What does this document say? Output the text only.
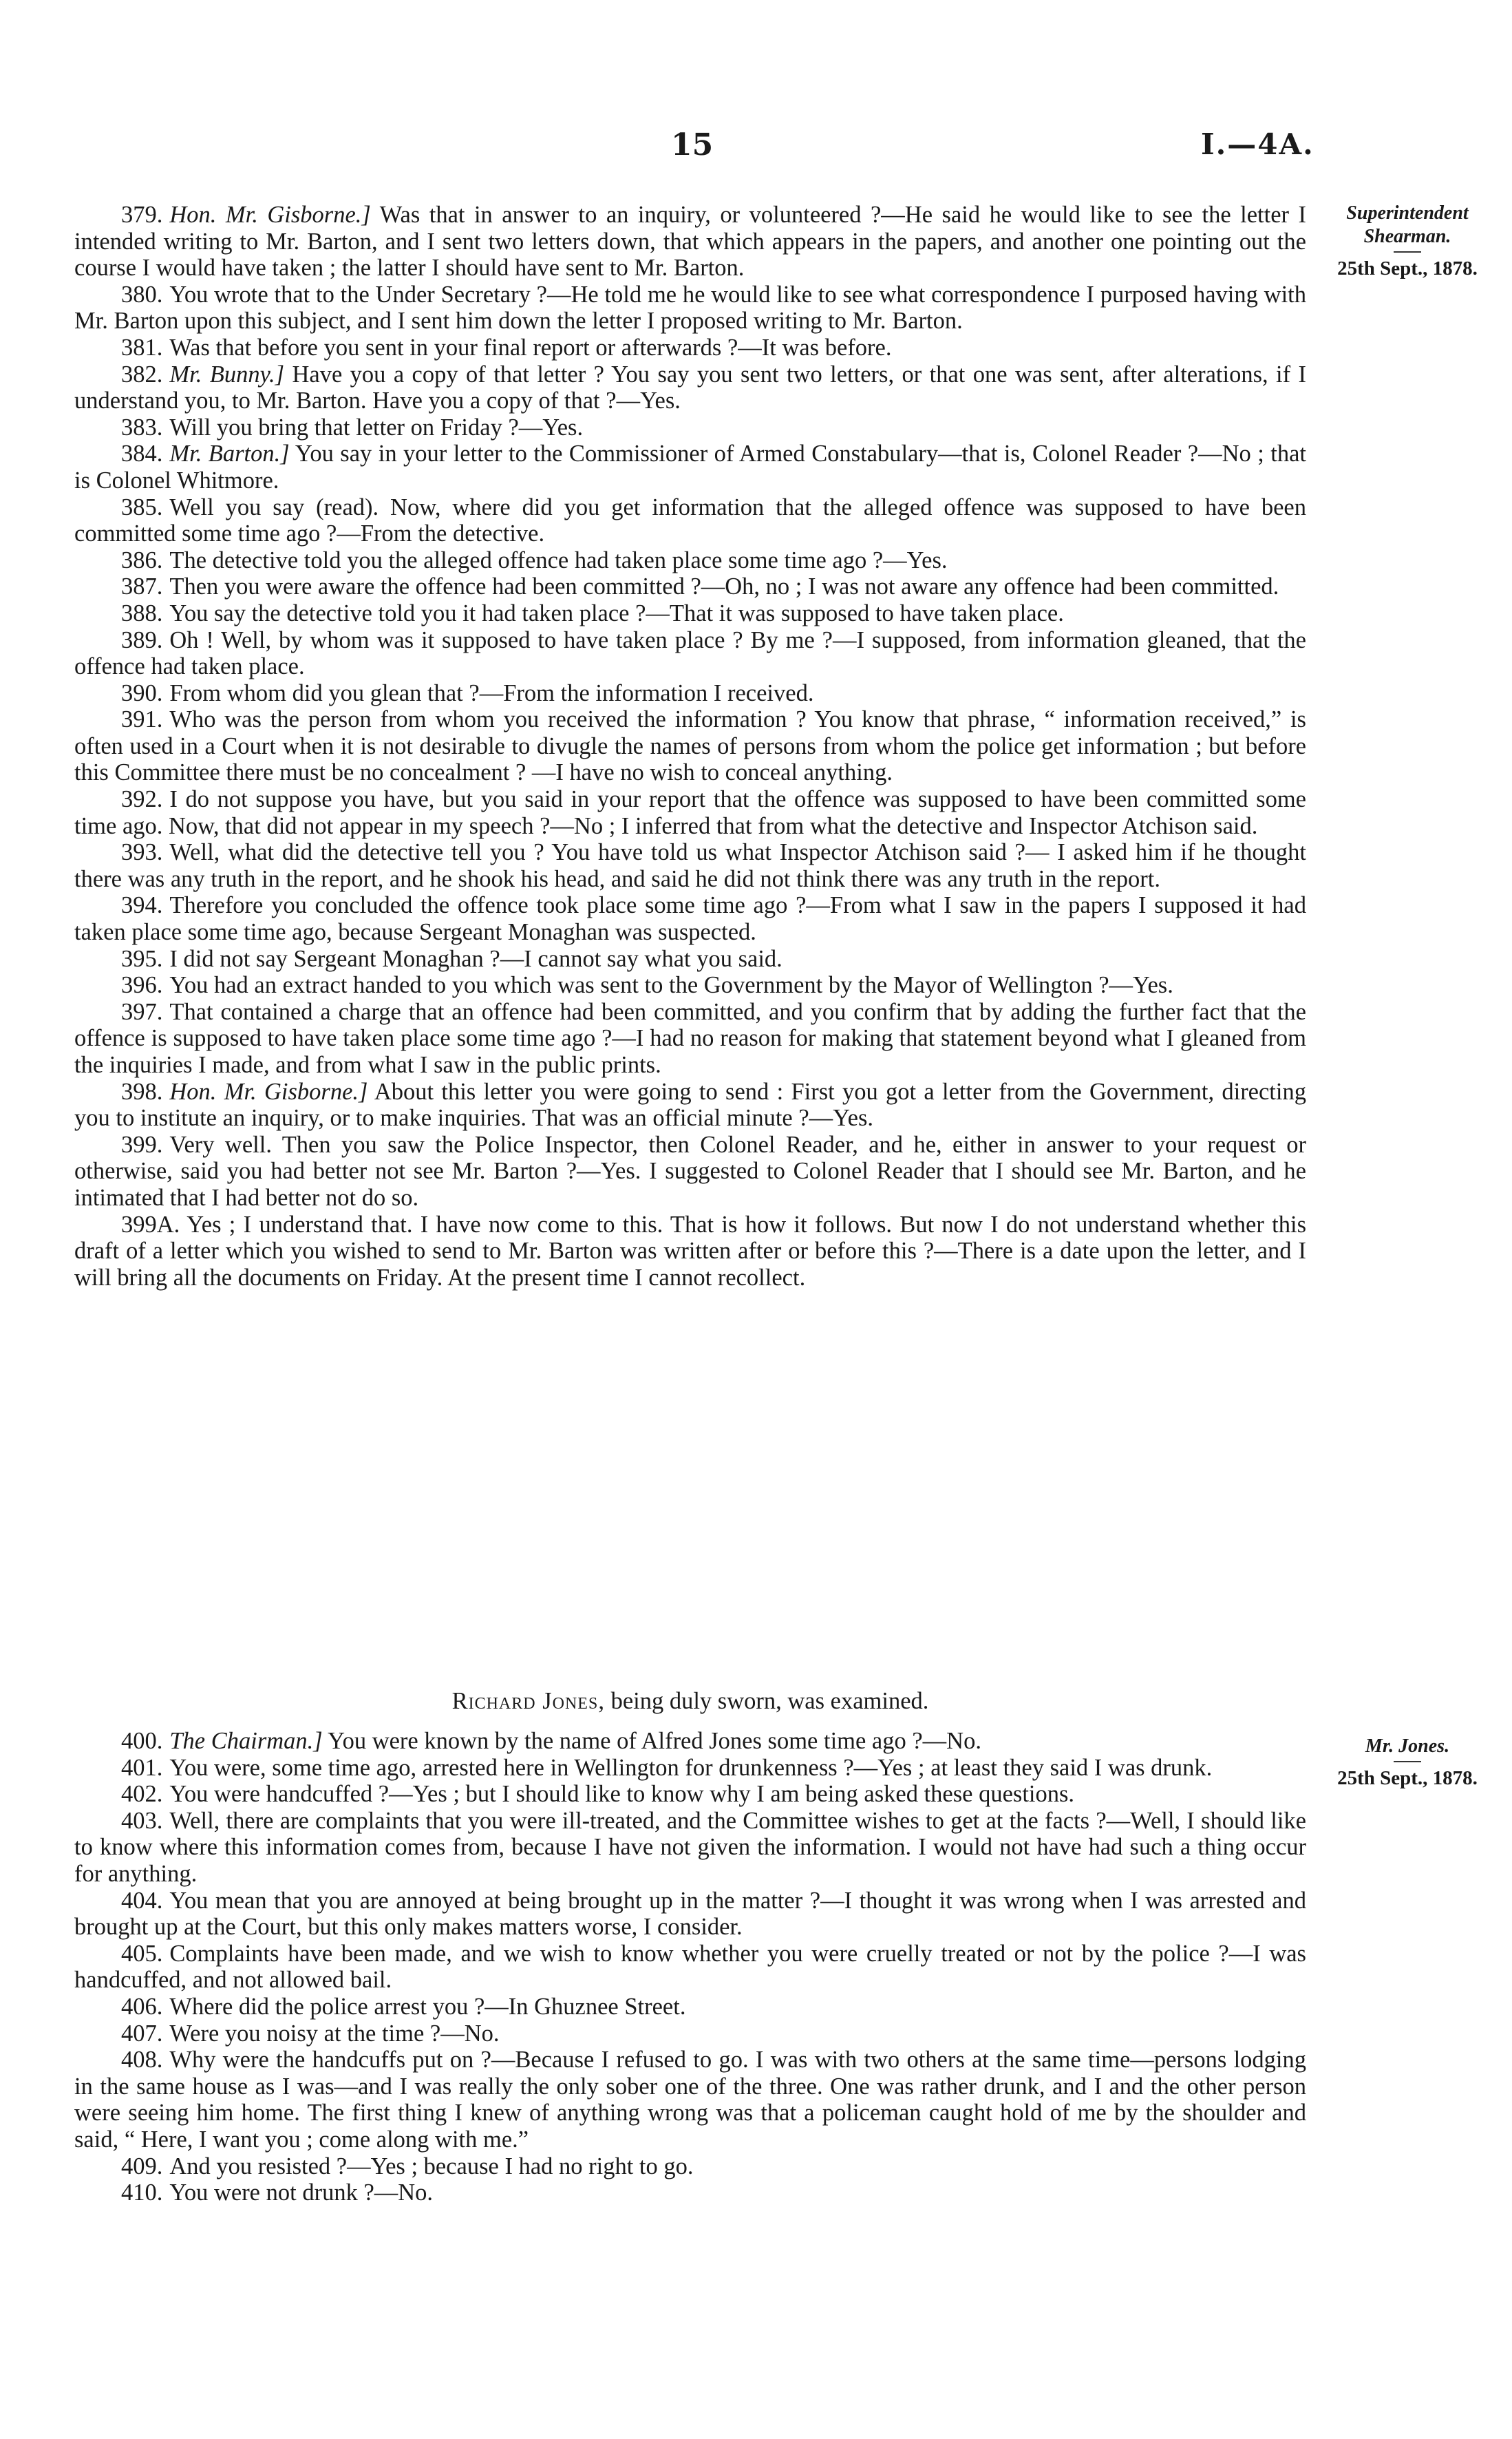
15	I.—4A.
Superintendent Shearman.
25th Sept., 1878.
Mr. Jones.
25th Sept., 1878.

379. Hon. Mr. Gisborne.] Was that in answer to an inquiry, or volunteered ?—He said he would like to see the letter I intended writing to Mr. Barton, and I sent two letters down, that which appears in the papers, and another one pointing out the course I would have taken ; the latter I should have sent to Mr. Barton.

380. You wrote that to the Under Secretary ?—He told me he would like to see what correspondence I purposed having with Mr. Barton upon this subject, and I sent him down the letter I proposed writing to Mr. Barton.

381. Was that before you sent in your final report or afterwards ?—It was before.

382. Mr. Bunny.] Have you a copy of that letter ? You say you sent two letters, or that one was sent, after alterations, if I understand you, to Mr. Barton. Have you a copy of that ?—Yes.

383. Will you bring that letter on Friday ?—Yes.

384. Mr. Barton.] You say in your letter to the Commissioner of Armed Constabulary—that is, Colonel Reader ?—No ; that is Colonel Whitmore.

385. Well you say (read). Now, where did you get information that the alleged offence was supposed to have been committed some time ago ?—From the detective.

386. The detective told you the alleged offence had taken place some time ago ?—Yes.

387. Then you were aware the offence had been committed ?—Oh, no ; I was not aware any offence had been committed.

388. You say the detective told you it had taken place ?—That it was supposed to have taken place.

389. Oh ! Well, by whom was it supposed to have taken place ? By me ?—I supposed, from information gleaned, that the offence had taken place.

390. From whom did you glean that ?—From the information I received.

391. Who was the person from whom you received the information ? You know that phrase, “ information received,” is often used in a Court when it is not desirable to divugle the names of persons from whom the police get information ; but before this Committee there must be no concealment ? —I have no wish to conceal anything.

392. I do not suppose you have, but you said in your report that the offence was supposed to have been committed some time ago. Now, that did not appear in my speech ?—No ; I inferred that from what the detective and Inspector Atchison said.

393. Well, what did the detective tell you ? You have told us what Inspector Atchison said ?— I asked him if he thought there was any truth in the report, and he shook his head, and said he did not think there was any truth in the report.

394. Therefore you concluded the offence took place some time ago ?—From what I saw in the papers I supposed it had taken place some time ago, because Sergeant Monaghan was suspected.

395. I did not say Sergeant Monaghan ?—I cannot say what you said.

396. You had an extract handed to you which was sent to the Government by the Mayor of Wellington ?—Yes.

397. That contained a charge that an offence had been committed, and you confirm that by adding the further fact that the offence is supposed to have taken place some time ago ?—I had no reason for making that statement beyond what I gleaned from the inquiries I made, and from what I saw in the public prints.

398. Hon. Mr. Gisborne.] About this letter you were going to send : First you got a letter from the Government, directing you to institute an inquiry, or to make inquiries. That was an official minute ?—Yes.

399. Very well. Then you saw the Police Inspector, then Colonel Reader, and he, either in answer to your request or otherwise, said you had better not see Mr. Barton ?—Yes. I suggested to Colonel Reader that I should see Mr. Barton, and he intimated that I had better not do so.

399A. Yes ; I understand that. I have now come to this. That is how it follows. But now I do not understand whether this draft of a letter which you wished to send to Mr. Barton was written after or before this ?—There is a date upon the letter, and I will bring all the documents on Friday. At the present time I cannot recollect.

Richard Jones, being duly sworn, was examined.

400. The Chairman.] You were known by the name of Alfred Jones some time ago ?—No.

401. You were, some time ago, arrested here in Wellington for drunkenness ?—Yes ; at least they said I was drunk.

402. You were handcuffed ?—Yes ; but I should like to know why I am being asked these questions.

403. Well, there are complaints that you were ill-treated, and the Committee wishes to get at the facts ?—Well, I should like to know where this information comes from, because I have not given the information. I would not have had such a thing occur for anything.

404. You mean that you are annoyed at being brought up in the matter ?—I thought it was wrong when I was arrested and brought up at the Court, but this only makes matters worse, I consider.

405. Complaints have been made, and we wish to know whether you were cruelly treated or not by the police ?—I was handcuffed, and not allowed bail.

406. Where did the police arrest you ?—In Ghuznee Street.

407. Were you noisy at the time ?—No.

408. Why were the handcuffs put on ?—Because I refused to go. I was with two others at the same time—persons lodging in the same house as I was—and I was really the only sober one of the three. One was rather drunk, and I and the other person were seeing him home. The first thing I knew of anything wrong was that a policeman caught hold of me by the shoulder and said, “ Here, I want you ; come along with me.”

409. And you resisted ?—Yes ; because I had no right to go.

410. You were not drunk ?—No.
